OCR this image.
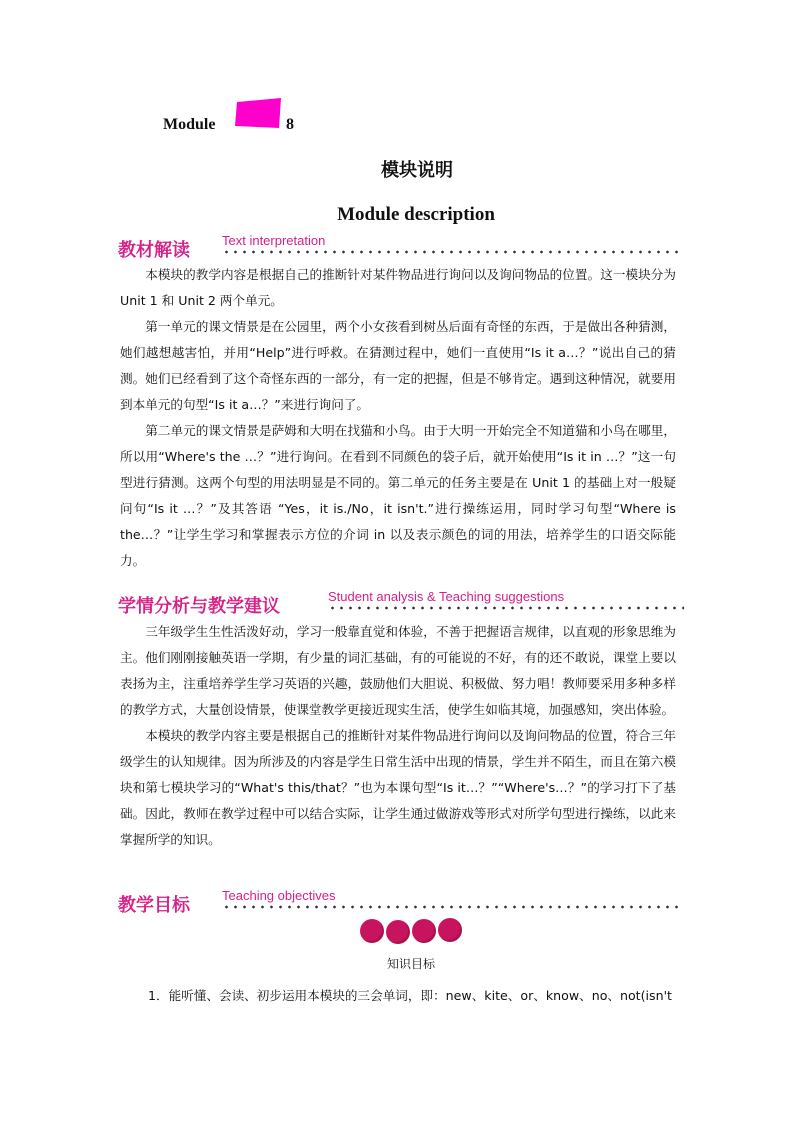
Module	8
模块说明
Module description
教材解读 Text interpretation

本模块的教学内容是根据自己的推断针对某件物品进行询问以及询问物品的位置。这一模块分为 Unit 1 和 Unit 2 两个单元。

第一单元的课文情景是在公园里，两个小女孩看到树丛后面有奇怪的东西，于是做出各种猜测，她们越想越害怕，并用“Help”进行呼救。在猜测过程中，她们一直使用“Is it a…？”说出自己的猜测。她们已经看到了这个奇怪东西的一部分，有一定的把握，但是不够肯定。遇到这种情况，就要用到本单元的句型“Is it a…？”来进行询问了。

第二单元的课文情景是萨姆和大明在找猫和小鸟。由于大明一开始完全不知道猫和小鸟在哪里，所以用“Where's the …？”进行询问。在看到不同颜色的袋子后，就开始使用“Is it in …？”这一句型进行猜测。这两个句型的用法明显是不同的。第二单元的任务主要是在 Unit 1 的基础上对一般疑问句“Is it …？”及其答语 “Yes，it is./No，it isn't.”进行操练运用，同时学习句型“Where is the…？”让学生学习和掌握表示方位的介词 in 以及表示颜色的词的用法，培养学生的口语交际能力。

学情分析与教学建议	Student analysis & Teaching suggestions

三年级学生生性活泼好动，学习一般靠直觉和体验，不善于把握语言规律，以直观的形象思维为主。他们刚刚接触英语一学期，有少量的词汇基础，有的可能说的不好，有的还不敢说，课堂上要以表扬为主，注重培养学生学习英语的兴趣，鼓励他们大胆说、积极做、努力唱！教师要采用多种多样的教学方式，大量创设情景，使课堂教学更接近现实生活，使学生如临其境，加强感知，突出体验。

本模块的教学内容主要是根据自己的推断针对某件物品进行询问以及询问物品的位置，符合三年级学生的认知规律。因为所涉及的内容是学生日常生活中出现的情景，学生并不陌生，而且在第六模块和第七模块学习的“What's this/that？”也为本课句型“Is it…？”“Where's…？”的学习打下了基础。因此，教师在教学过程中可以结合实际，让学生通过做游戏等形式对所学句型进行操练，以此来掌握所学的知识。

教学目标 Teaching objectives
知识目标
1．能听懂、会读、初步运用本模块的三会单词，即：new、kite、or、know、no、not(isn't
